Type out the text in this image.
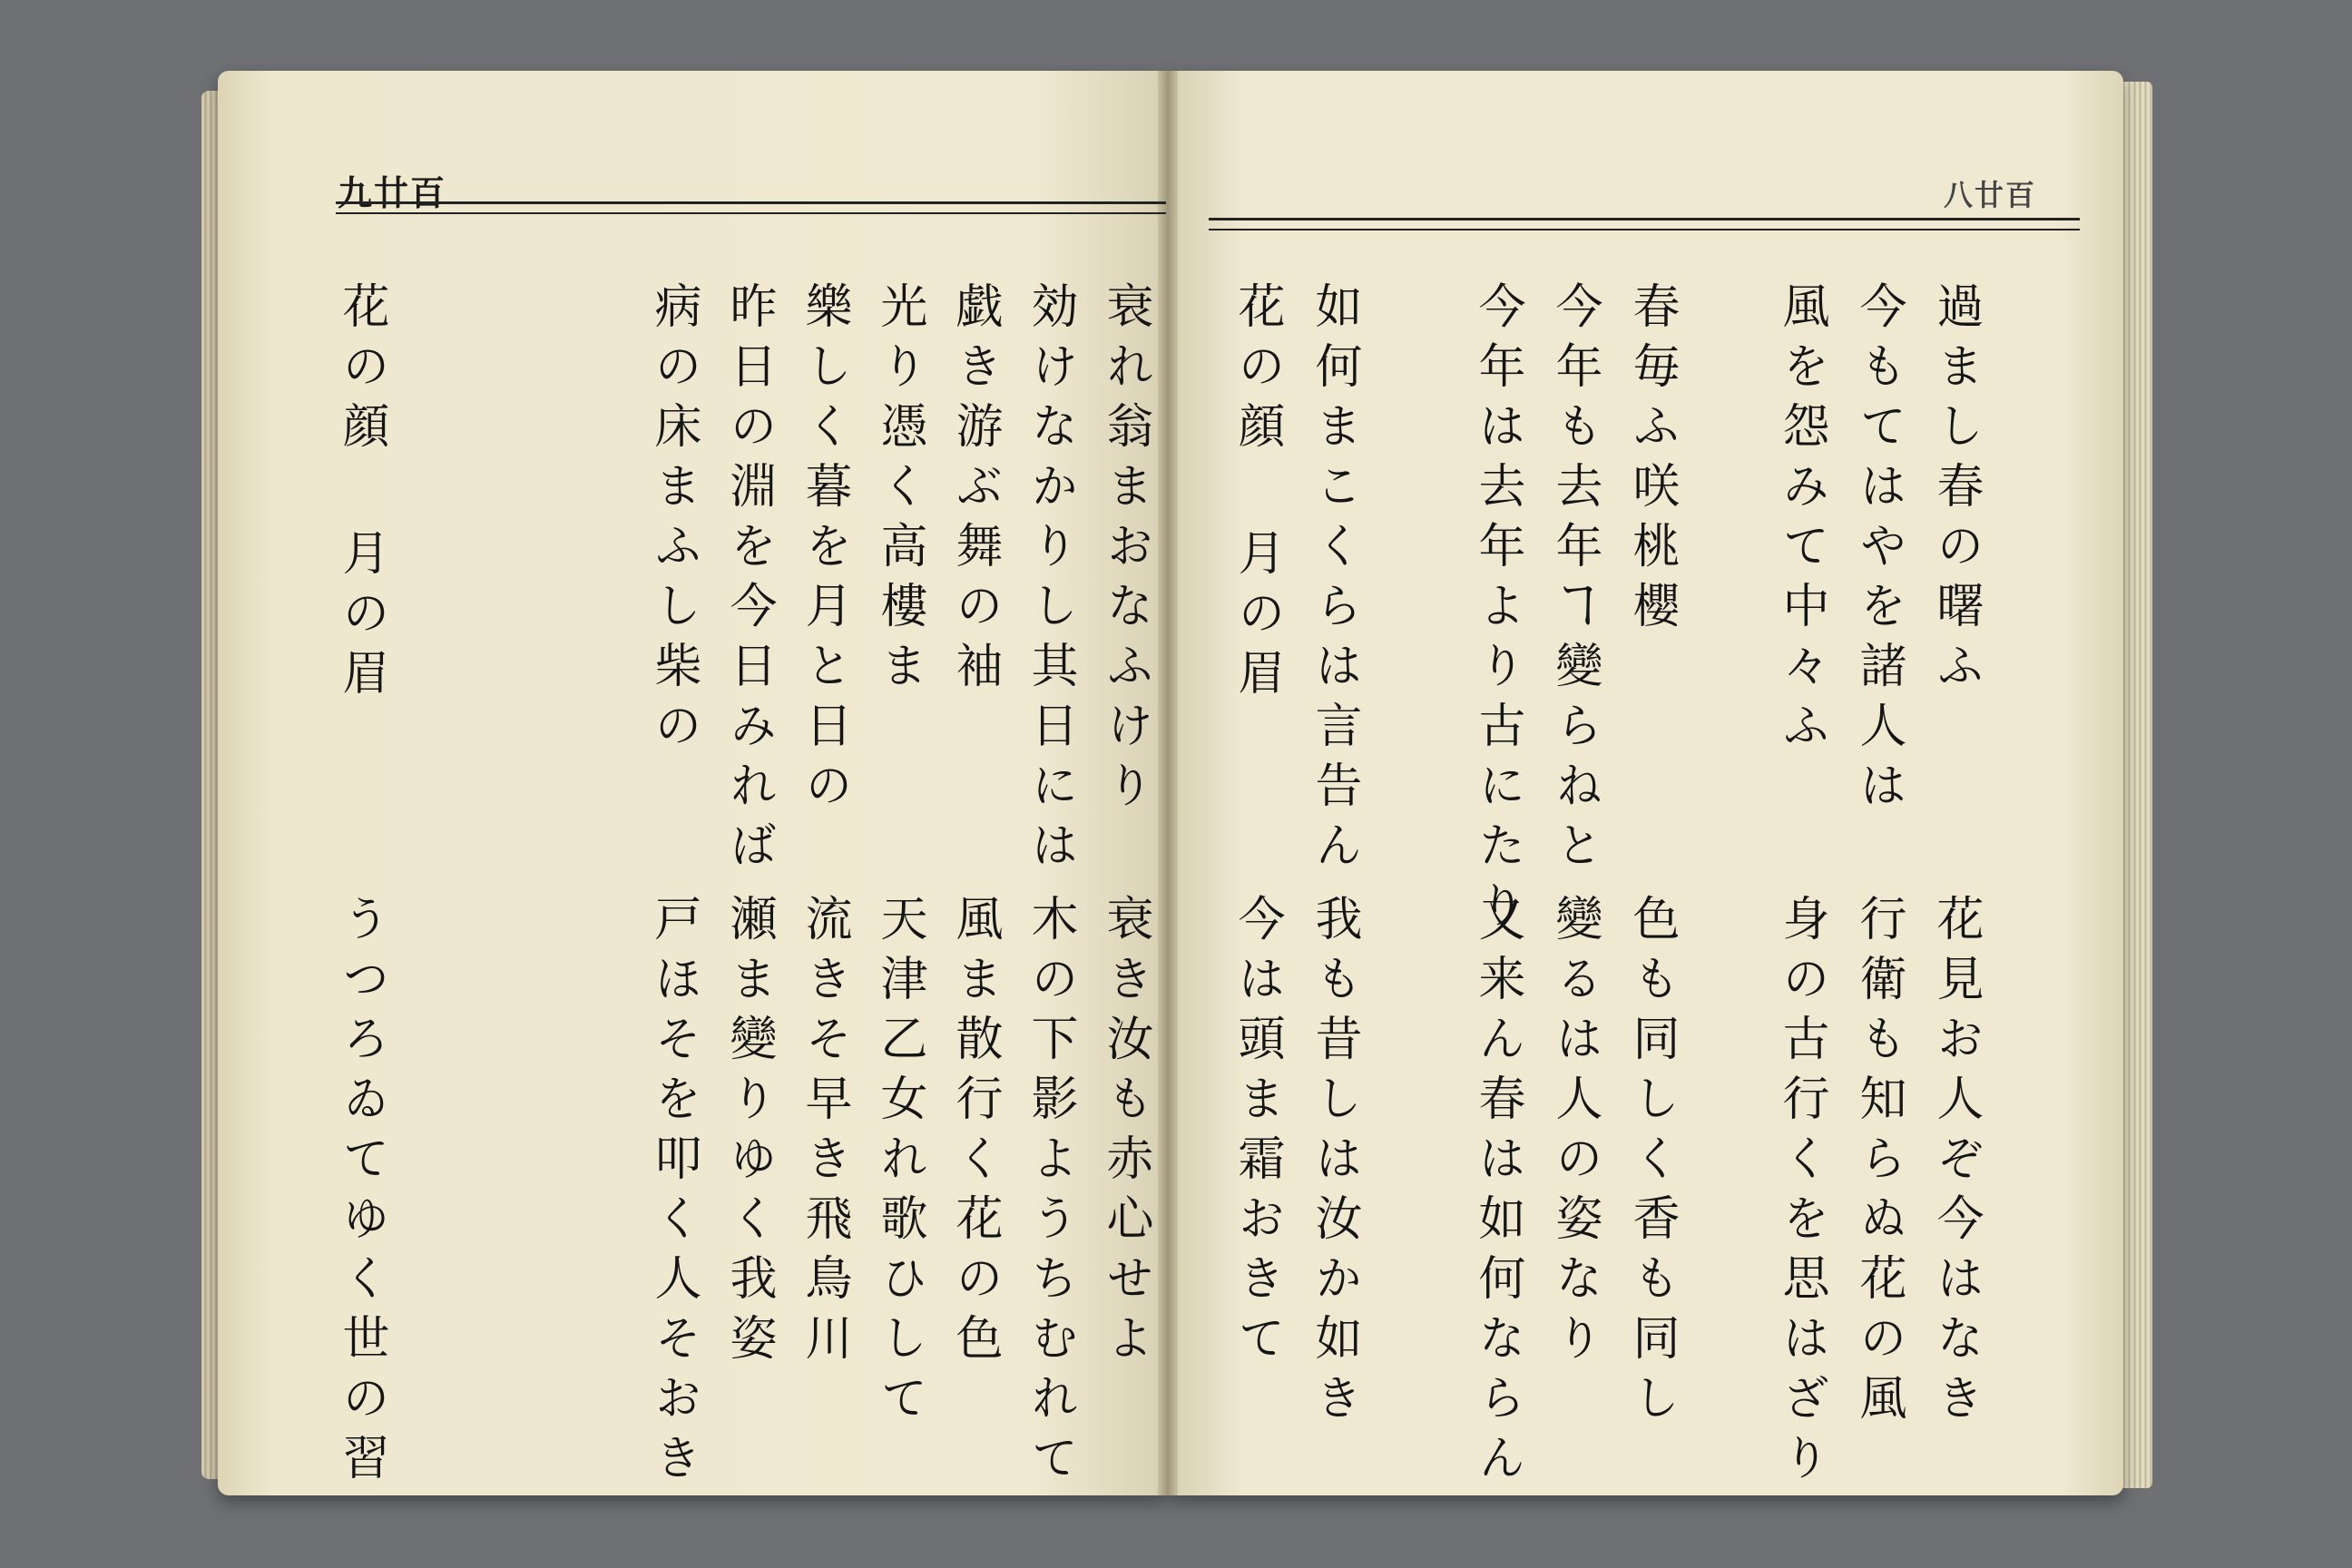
九廿百	八廿百
衰れ翁まおなふけり
効けなかりし其日には
戯き游ぶ舞の袖
光り憑く高樓ま
樂しく暮を月と日の
昨日の淵を今日みれば
病の床まふし柴の
花の顔 月の眉
衰き汝も赤心せよ
木の下影ようちむれて
風ま散行く花の色
天津乙女れ歌ひして
流きそ早き飛鳥川
瀬ま變りゆく我姿
戸ほそを叩く人そおき
うつろゐてゆく世の習
過まし春の曙ふ
今もてはやを諸人は
風を怨みて中々ふ
春毎ふ咲桃櫻
今年も去年ヿ變らねと
今年は去年より古にたり
如何まこくらは言告ん
花の顔 月の眉
花見お人ぞ今はなき
行衛も知らぬ花の風
身の古行くを思はざり
色も同しく香も同し
變るは人の姿なり
又来ん春は如何ならん
我も昔しは汝か如き
今は頭ま霜おきて
